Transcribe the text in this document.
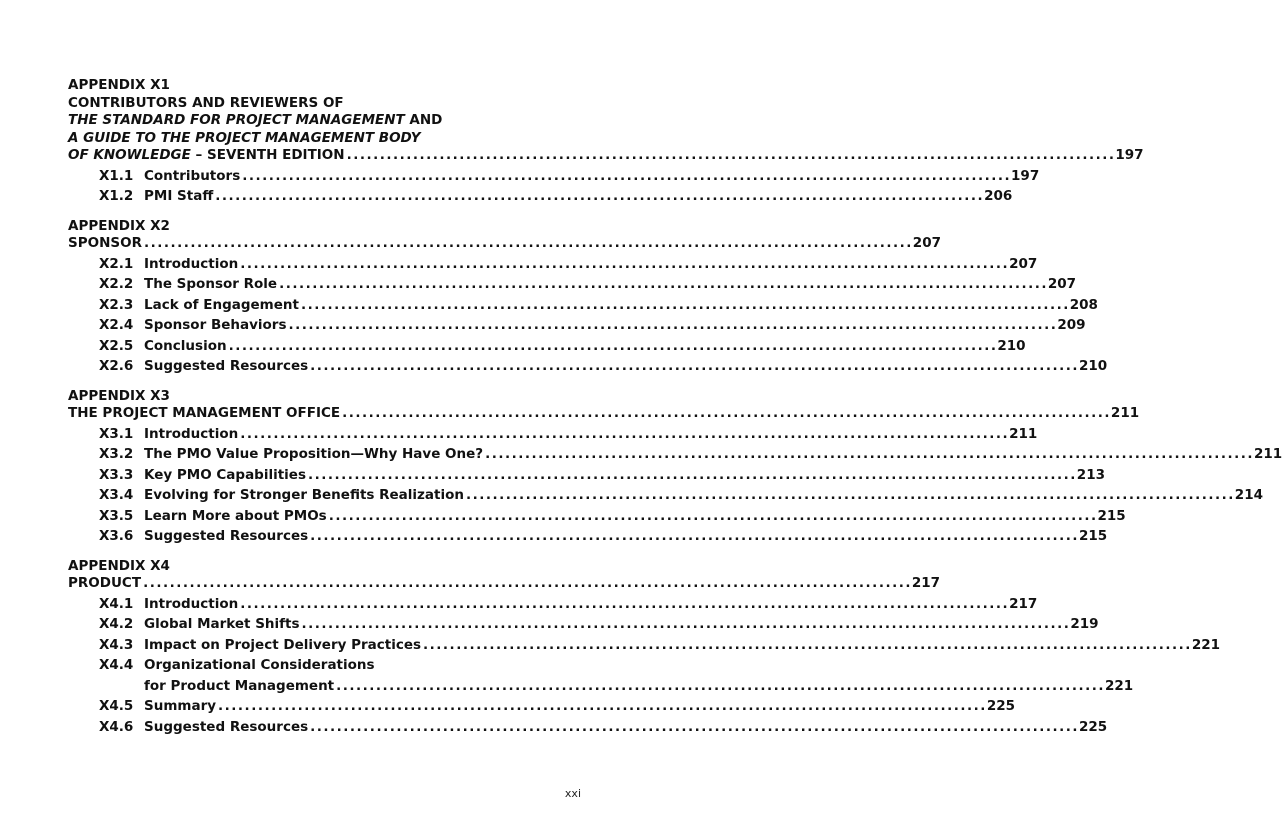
APPENDIX X1
CONTRIBUTORS AND REVIEWERS OF
THE STANDARD FOR PROJECT MANAGEMENT AND
A GUIDE TO THE PROJECT MANAGEMENT BODY
OF KNOWLEDGE – SEVENTH EDITION . . .	197
X1.1 Contributors . . .	197
X1.2 PMI Staff . . .	206
APPENDIX X2
SPONSOR . . .	207
X2.1 Introduction . . .	207
X2.2 The Sponsor Role . . .	207
X2.3 Lack of Engagement . . .	208
X2.4 Sponsor Behaviors . . .	209
X2.5 Conclusion . . .	210
X2.6 Suggested Resources . . .	210
APPENDIX X3
THE PROJECT MANAGEMENT OFFICE . . .	211
X3.1 Introduction . . .	211
X3.2 The PMO Value Proposition—Why Have One? . . .	211
X3.3 Key PMO Capabilities . . .	213
X3.4 Evolving for Stronger Benefits Realization . . .	214
X3.5 Learn More about PMOs . . .	215
X3.6 Suggested Resources . . .	215
APPENDIX X4
PRODUCT . . .	217
X4.1 Introduction . . .	217
X4.2 Global Market Shifts . . .	219
X4.3 Impact on Project Delivery Practices . . .	221
X4.4 Organizational Considerations
for Product Management . . .	221
X4.5 Summary . . .	225
X4.6 Suggested Resources . . .	225
xxi
